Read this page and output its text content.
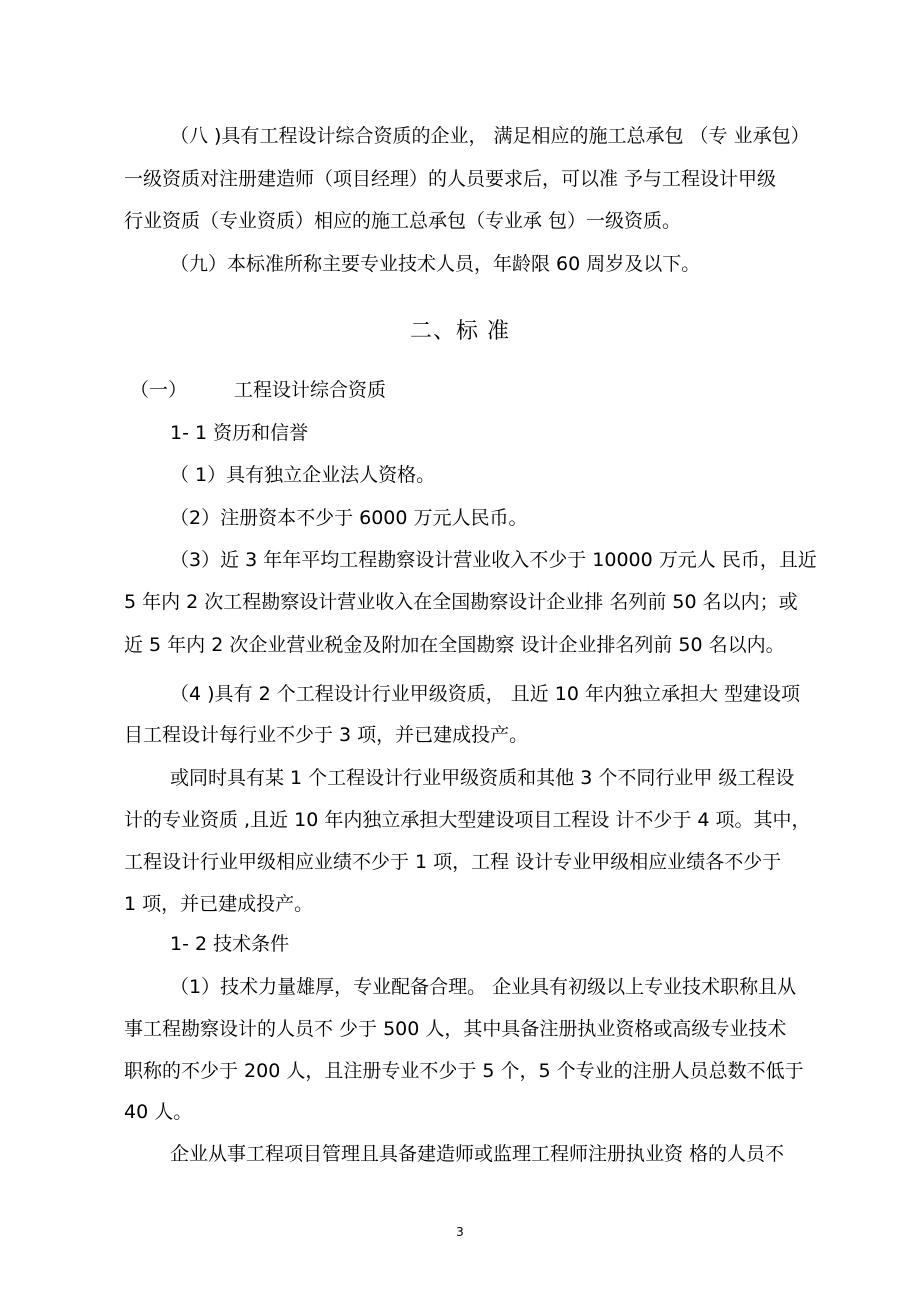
（八 )具有工程设计综合资质的企业， 满足相应的施工总承包 （专 业承包）
一级资质对注册建造师（项目经理）的人员要求后，可以准 予与工程设计甲级
行业资质（专业资质）相应的施工总承包（专业承 包）一级资质。
（九）本标准所称主要专业技术人员，年龄限 60 周岁及以下。
二、标 准
（一）	工程设计综合资质
1- 1 资历和信誉
（ 1）具有独立企业法人资格。
（2）注册资本不少于 6000 万元人民币。
（3）近 3 年年平均工程勘察设计营业收入不少于 10000 万元人 民币，且近
5 年内 2 次工程勘察设计营业收入在全国勘察设计企业排 名列前 50 名以内；或
近 5 年内 2 次企业营业税金及附加在全国勘察 设计企业排名列前 50 名以内。
（4 )具有 2 个工程设计行业甲级资质， 且近 10 年内独立承担大 型建设项
目工程设计每行业不少于 3 项，并已建成投产。
或同时具有某 1 个工程设计行业甲级资质和其他 3 个不同行业甲 级工程设
计的专业资质 ,且近 10 年内独立承担大型建设项目工程设 计不少于 4 项。其中，
工程设计行业甲级相应业绩不少于 1 项，工程 设计专业甲级相应业绩各不少于
1 项，并已建成投产。
1- 2 技术条件
（1）技术力量雄厚，专业配备合理。 企业具有初级以上专业技术职称且从
事工程勘察设计的人员不 少于 500 人，其中具备注册执业资格或高级专业技术
职称的不少于 200 人，且注册专业不少于 5 个，5 个专业的注册人员总数不低于
40 人。
企业从事工程项目管理且具备建造师或监理工程师注册执业资 格的人员不
3
